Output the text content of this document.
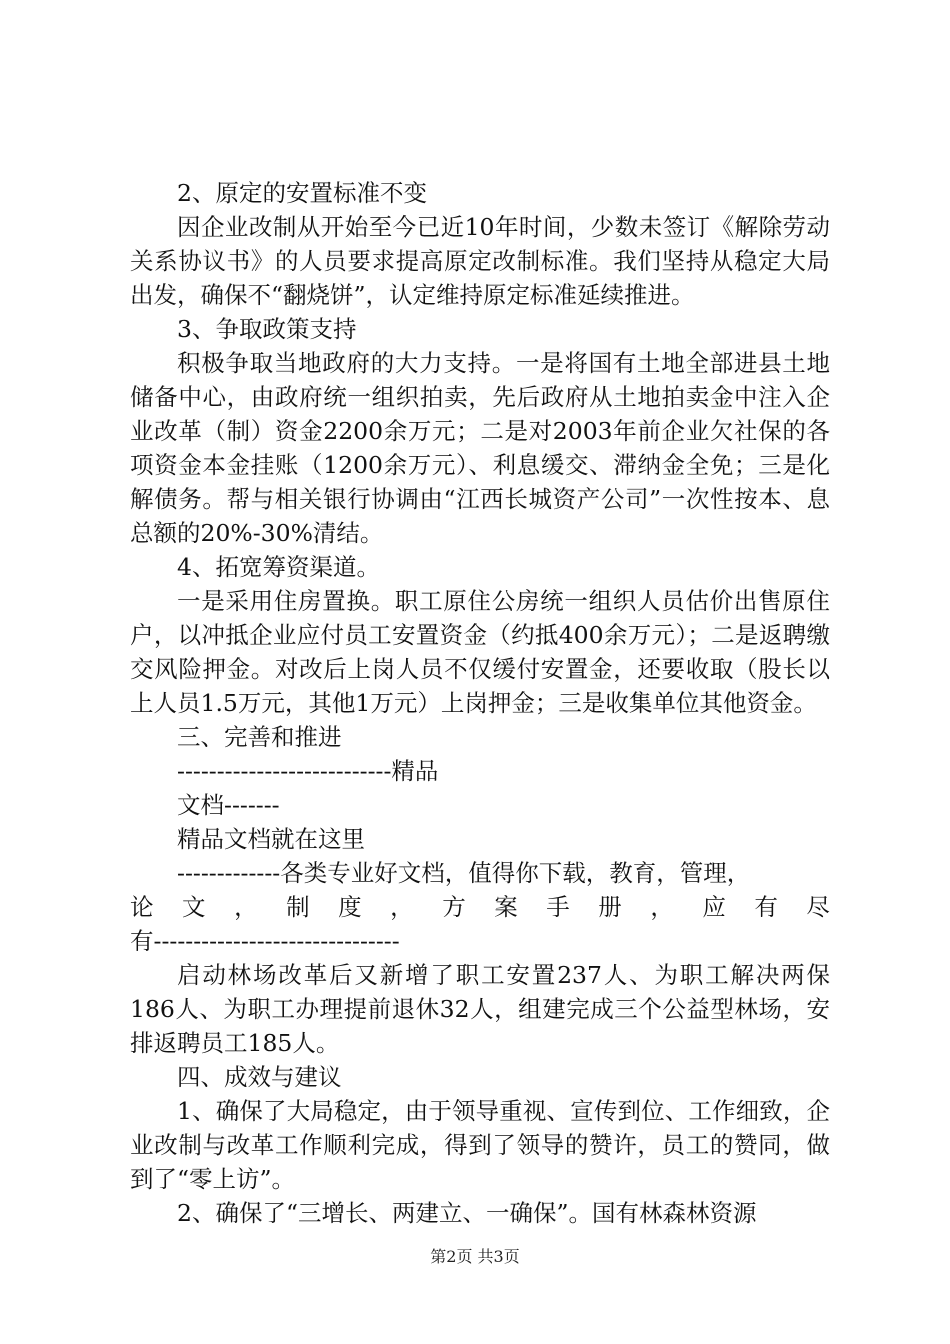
2、原定的安置标准不变

因企业改制从开始至今已近10年时间，少数未签订《解除劳动关系协议书》的人员要求提高原定改制标准。我们坚持从稳定大局出发，确保不“翻烧饼”，认定维持原定标准延续推进。

3、争取政策支持

积极争取当地政府的大力支持。一是将国有土地全部进县土地储备中心，由政府统一组织拍卖，先后政府从土地拍卖金中注入企业改革（制）资金2200余万元；二是对2003年前企业欠社保的各项资金本金挂账（1200余万元）、利息缓交、滞纳金全免；三是化解债务。帮与相关银行协调由“江西长城资产公司”一次性按本、息总额的20%-30%清结。

4、拓宽筹资渠道。

一是采用住房置换。职工原住公房统一组织人员估价出售原住户，以冲抵企业应付员工安置资金（约抵400余万元）；二是返聘缴交风险押金。对改后上岗人员不仅缓付安置金，还要收取（股长以上人员1.5万元，其他1万元）上岗押金；三是收集单位其他资金。

三、完善和推进

---------------------------精品

文档-------

精品文档就在这里

-------------各类专业好文档，值得你下载，教育，管理，

论 文 ， 制 度 ， 方 案 手 册 ， 应 有 尽

有-------------------------------

启动林场改革后又新增了职工安置237人、为职工解决两保186人、为职工办理提前退休32人，组建完成三个公益型林场，安排返聘员工185人。

四、成效与建议

1、确保了大局稳定，由于领导重视、宣传到位、工作细致，企业改制与改革工作顺利完成，得到了领导的赞许，员工的赞同，做到了“零上访”。

2、确保了“三增长、两建立、一确保”。国有林森林资源

第2页 共3页
